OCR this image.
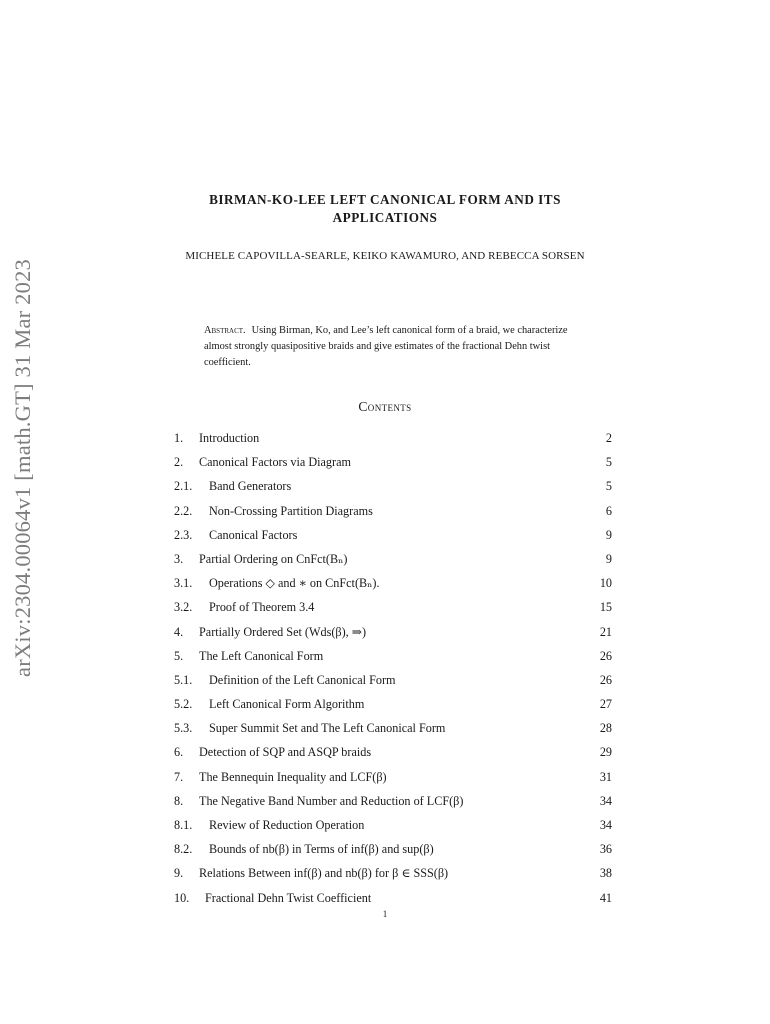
arXiv:2304.00064v1 [math.GT] 31 Mar 2023
BIRMAN-KO-LEE LEFT CANONICAL FORM AND ITS
APPLICATIONS
MICHELE CAPOVILLA-SEARLE, KEIKO KAWAMURO, AND REBECCA SORSEN
Abstract. Using Birman, Ko, and Lee’s left canonical form of a braid, we characterize almost strongly quasipositive braids and give estimates of the fractional Dehn twist coefficient.
Contents
1.	Introduction	2
2.	Canonical Factors via Diagram	5
2.1.	Band Generators	5
2.2.	Non-Crossing Partition Diagrams	6
2.3.	Canonical Factors	9
3.	Partial Ordering on CnFct(Bₙ)	9
3.1.	Operations ◇ and ∗ on CnFct(Bₙ).	10
3.2.	Proof of Theorem 3.4	15
4.	Partially Ordered Set (Wds(β), ⇒)	21
5.	The Left Canonical Form	26
5.1.	Definition of the Left Canonical Form	26
5.2.	Left Canonical Form Algorithm	27
5.3.	Super Summit Set and The Left Canonical Form	28
6.	Detection of SQP and ASQP braids	29
7.	The Bennequin Inequality and LCF(β)	31
8.	The Negative Band Number and Reduction of LCF(β)	34
8.1.	Review of Reduction Operation	34
8.2.	Bounds of nb(β) in Terms of inf(β) and sup(β)	36
9.	Relations Between inf(β) and nb(β) for β ∈ SSS(β)	38
10.	Fractional Dehn Twist Coefficient	41
1
